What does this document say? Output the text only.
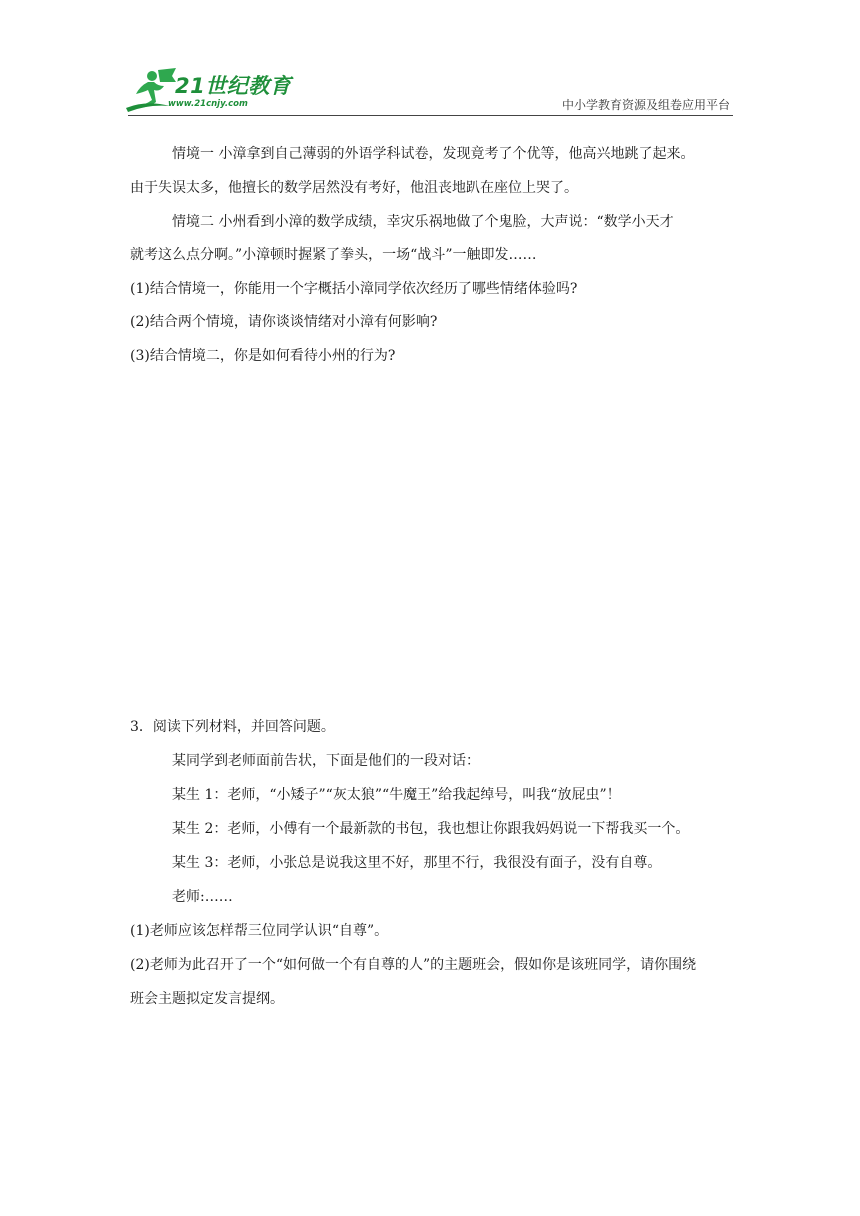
21世纪教育
www.21cnjy.com	中小学教育资源及组卷应用平台
情境一 小漳拿到自己薄弱的外语学科试卷，发现竟考了个优等，他高兴地跳了起来。
由于失误太多，他擅长的数学居然没有考好，他沮丧地趴在座位上哭了。
情境二 小州看到小漳的数学成绩，幸灾乐祸地做了个鬼脸，大声说：“数学小天才
就考这么点分啊。”小漳顿时握紧了拳头，一场“战斗”一触即发……
(1)结合情境一，你能用一个字概括小漳同学依次经历了哪些情绪体验吗?
(2)结合两个情境，请你谈谈情绪对小漳有何影响?
(3)结合情境二，你是如何看待小州的行为?
3．阅读下列材料，并回答问题。
某同学到老师面前告状，下面是他们的一段对话：
某生 1：老师，“小矮子”“灰太狼”“牛魔王”给我起绰号，叫我“放屁虫”！
某生 2：老师，小傅有一个最新款的书包，我也想让你跟我妈妈说一下帮我买一个。
某生 3：老师，小张总是说我这里不好，那里不行，我很没有面子，没有自尊。
老师:……
(1)老师应该怎样帮三位同学认识“自尊”。
(2)老师为此召开了一个“如何做一个有自尊的人”的主题班会，假如你是该班同学，请你围绕
班会主题拟定发言提纲。
